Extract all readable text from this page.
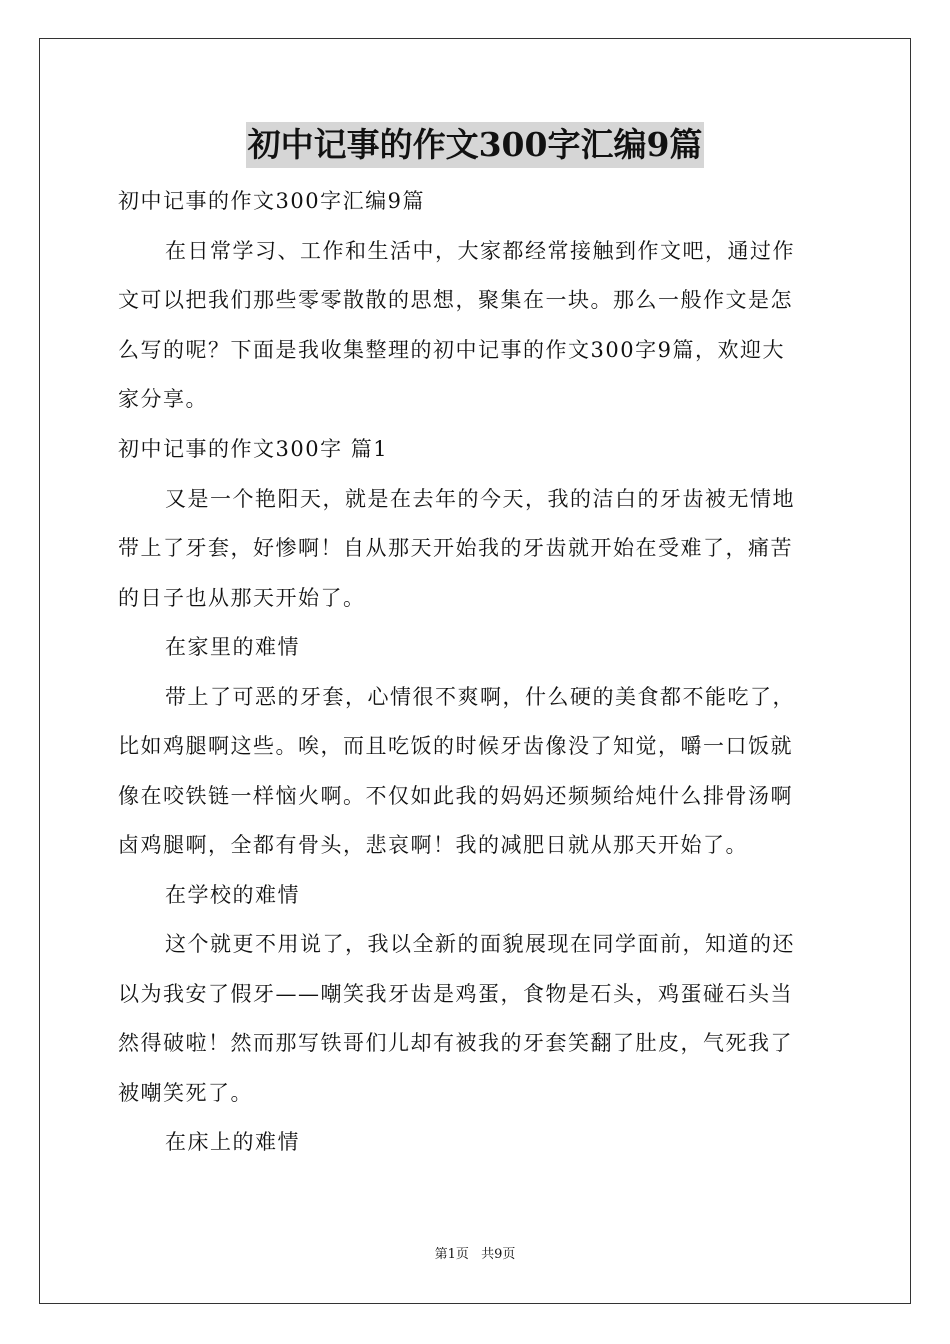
初中记事的作文300字汇编9篇
初中记事的作文300字汇编9篇
在日常学习、工作和生活中，大家都经常接触到作文吧，通过作
文可以把我们那些零零散散的思想，聚集在一块。那么一般作文是怎
么写的呢？下面是我收集整理的初中记事的作文300字9篇，欢迎大
家分享。
初中记事的作文300字 篇1
又是一个艳阳天，就是在去年的今天，我的洁白的牙齿被无情地
带上了牙套，好惨啊！自从那天开始我的牙齿就开始在受难了，痛苦
的日子也从那天开始了。
在家里的难情
带上了可恶的牙套，心情很不爽啊，什么硬的美食都不能吃了，
比如鸡腿啊这些。唉，而且吃饭的时候牙齿像没了知觉，嚼一口饭就
像在咬铁链一样恼火啊。不仅如此我的妈妈还频频给炖什么排骨汤啊
卤鸡腿啊，全都有骨头，悲哀啊！我的减肥日就从那天开始了。
在学校的难情
这个就更不用说了，我以全新的面貌展现在同学面前，知道的还
以为我安了假牙——嘲笑我牙齿是鸡蛋，食物是石头，鸡蛋碰石头当
然得破啦！然而那写铁哥们儿却有被我的牙套笑翻了肚皮，气死我了
被嘲笑死了。
在床上的难情
第1页 共9页
